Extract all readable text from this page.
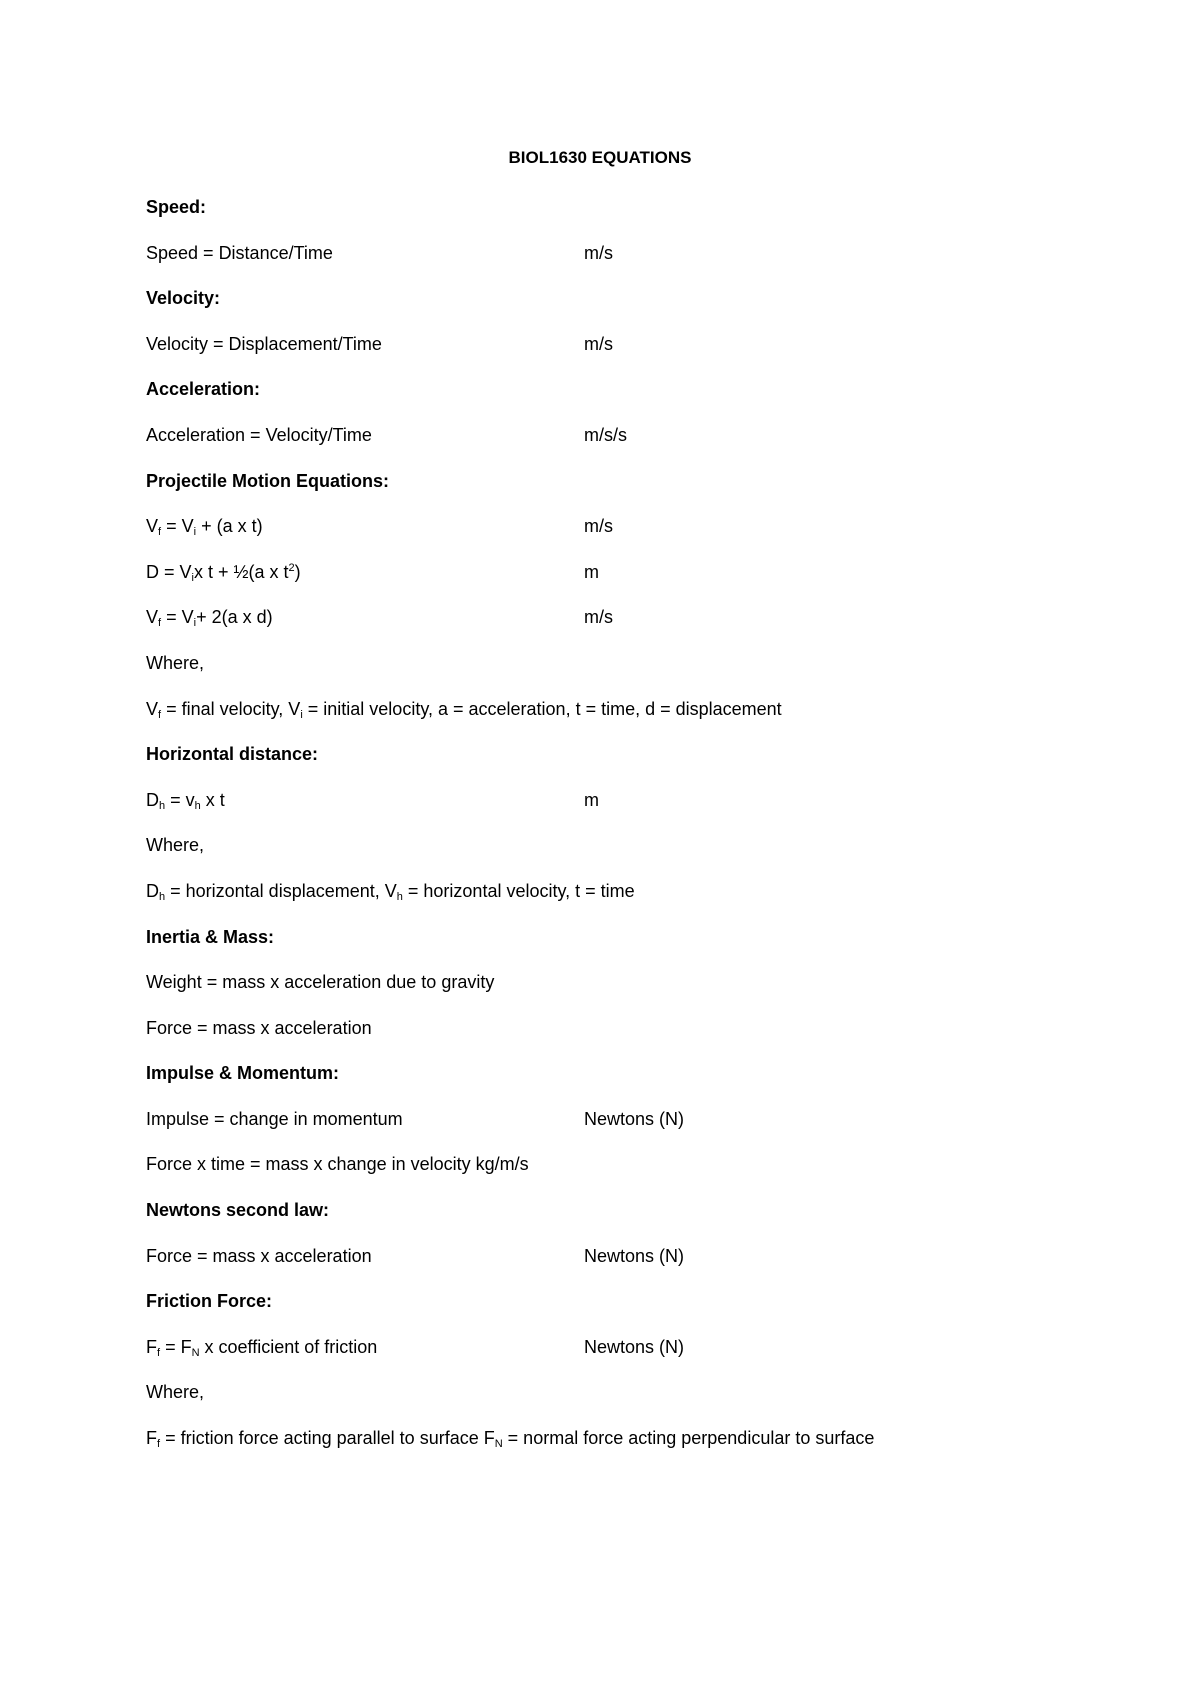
BIOL1630 EQUATIONS
Speed:
Speed = Distance/Time	m/s
Velocity:
Velocity = Displacement/Time	m/s
Acceleration:
Acceleration = Velocity/Time	m/s/s
Projectile Motion Equations:
$V_f = V_i + (a$ x t)	m/s
$D = V_ix$ t + ½(a x $t^2$)	m
$V_f = V_i+ 2(a$ x d)	m/s
Where,
$V_f$ = final velocity, $V_i$ = initial velocity, a = acceleration, t = time, d = displacement
Horizontal distance:
$D_h = v_h$ x t	m
Where,
$D_h$ = horizontal displacement, $V_h$ = horizontal velocity, t = time
Inertia & Mass:
Weight = mass x acceleration due to gravity
Force = mass x acceleration
Impulse & Momentum:
Impulse = change in momentum	Newtons (N)
Force x time = mass x change in velocity kg/m/s
Newtons second law:
Force = mass x acceleration	Newtons (N)
Friction Force:
$F_f = F_N$ x coefficient of friction	Newtons (N)
Where,
$F_f$ = friction force acting parallel to surface $F_N$ = normal force acting perpendicular to surface
